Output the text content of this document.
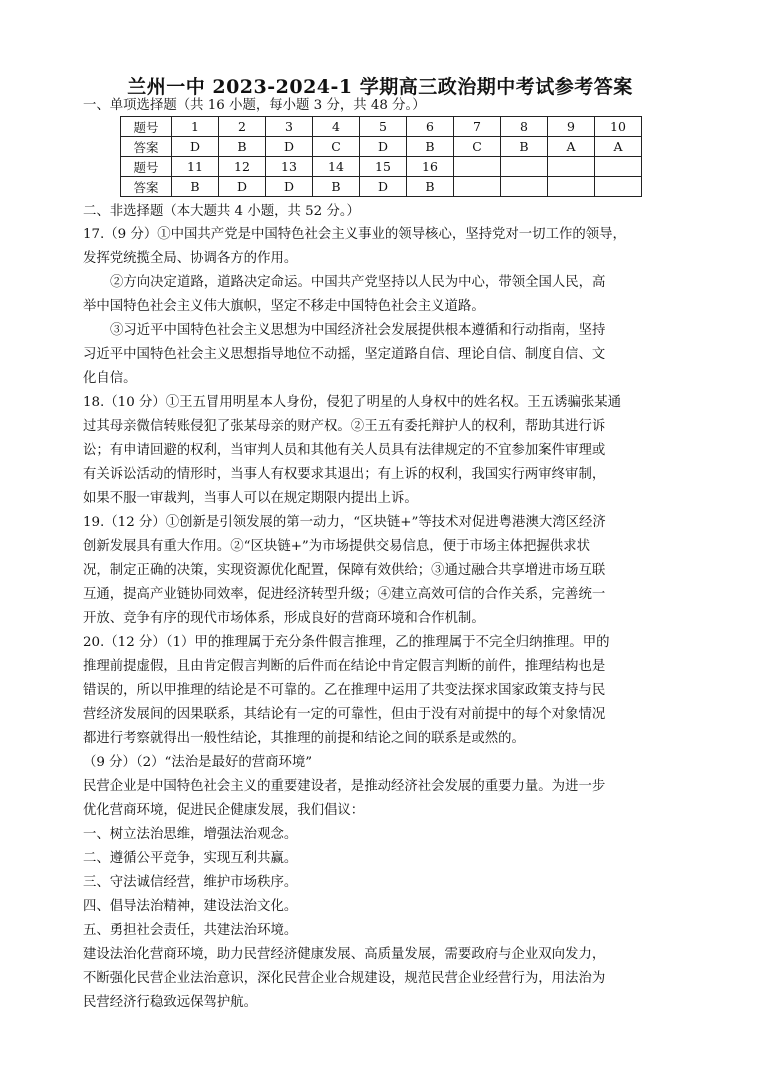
兰州一中 2023-2024-1 学期高三政治期中考试参考答案
一、单项选择题（共 16 小题，每小题 3 分，共 48 分。）
题号	1	2	3	4	5	6	7	8	9	10
答案	D	B	D	C	D	B	C	B	A	A
题号	11	12	13	14	15	16				
答案	B	D	D	B	D	B				
二、非选择题（本大题共 4 小题，共 52 分。）
17.（9 分）①中国共产党是中国特色社会主义事业的领导核心，坚持党对一切工作的领导，
发挥党统揽全局、协调各方的作用。
②方向决定道路，道路决定命运。中国共产党坚持以人民为中心，带领全国人民，高
举中国特色社会主义伟大旗帜，坚定不移走中国特色社会主义道路。
③习近平中国特色社会主义思想为中国经济社会发展提供根本遵循和行动指南，坚持
习近平中国特色社会主义思想指导地位不动摇，坚定道路自信、理论自信、制度自信、文
化自信。
18.（10 分）①王五冒用明星本人身份，侵犯了明星的人身权中的姓名权。王五诱骗张某通
过其母亲微信转账侵犯了张某母亲的财产权。②王五有委托辩护人的权利，帮助其进行诉
讼；有申请回避的权利，当审判人员和其他有关人员具有法律规定的不宜参加案件审理或
有关诉讼活动的情形时，当事人有权要求其退出；有上诉的权利，我国实行两审终审制，
如果不服一审裁判，当事人可以在规定期限内提出上诉。
19.（12 分）①创新是引领发展的第一动力，“区块链+”等技术对促进粤港澳大湾区经济
创新发展具有重大作用。②“区块链+”为市场提供交易信息，便于市场主体把握供求状
况，制定正确的决策，实现资源优化配置，保障有效供给；③通过融合共享增进市场互联
互通，提高产业链协同效率，促进经济转型升级；④建立高效可信的合作关系，完善统一
开放、竞争有序的现代市场体系，形成良好的营商环境和合作机制。
20.（12 分）（1）甲的推理属于充分条件假言推理，乙的推理属于不完全归纳推理。甲的
推理前提虚假，且由肯定假言判断的后件而在结论中肯定假言判断的前件，推理结构也是
错误的，所以甲推理的结论是不可靠的。乙在推理中运用了共变法探求国家政策支持与民
营经济发展间的因果联系，其结论有一定的可靠性，但由于没有对前提中的每个对象情况
都进行考察就得出一般性结论，其推理的前提和结论之间的联系是或然的。
（9 分）（2）“法治是最好的营商环境”
民营企业是中国特色社会主义的重要建设者，是推动经济社会发展的重要力量。为进一步
优化营商环境，促进民企健康发展，我们倡议：
一、树立法治思维，增强法治观念。
二、遵循公平竞争，实现互利共赢。
三、守法诚信经营，维护市场秩序。
四、倡导法治精神，建设法治文化。
五、勇担社会责任，共建法治环境。
建设法治化营商环境，助力民营经济健康发展、高质量发展，需要政府与企业双向发力，
不断强化民营企业法治意识，深化民营企业合规建设，规范民营企业经营行为，用法治为
民营经济行稳致远保驾护航。
